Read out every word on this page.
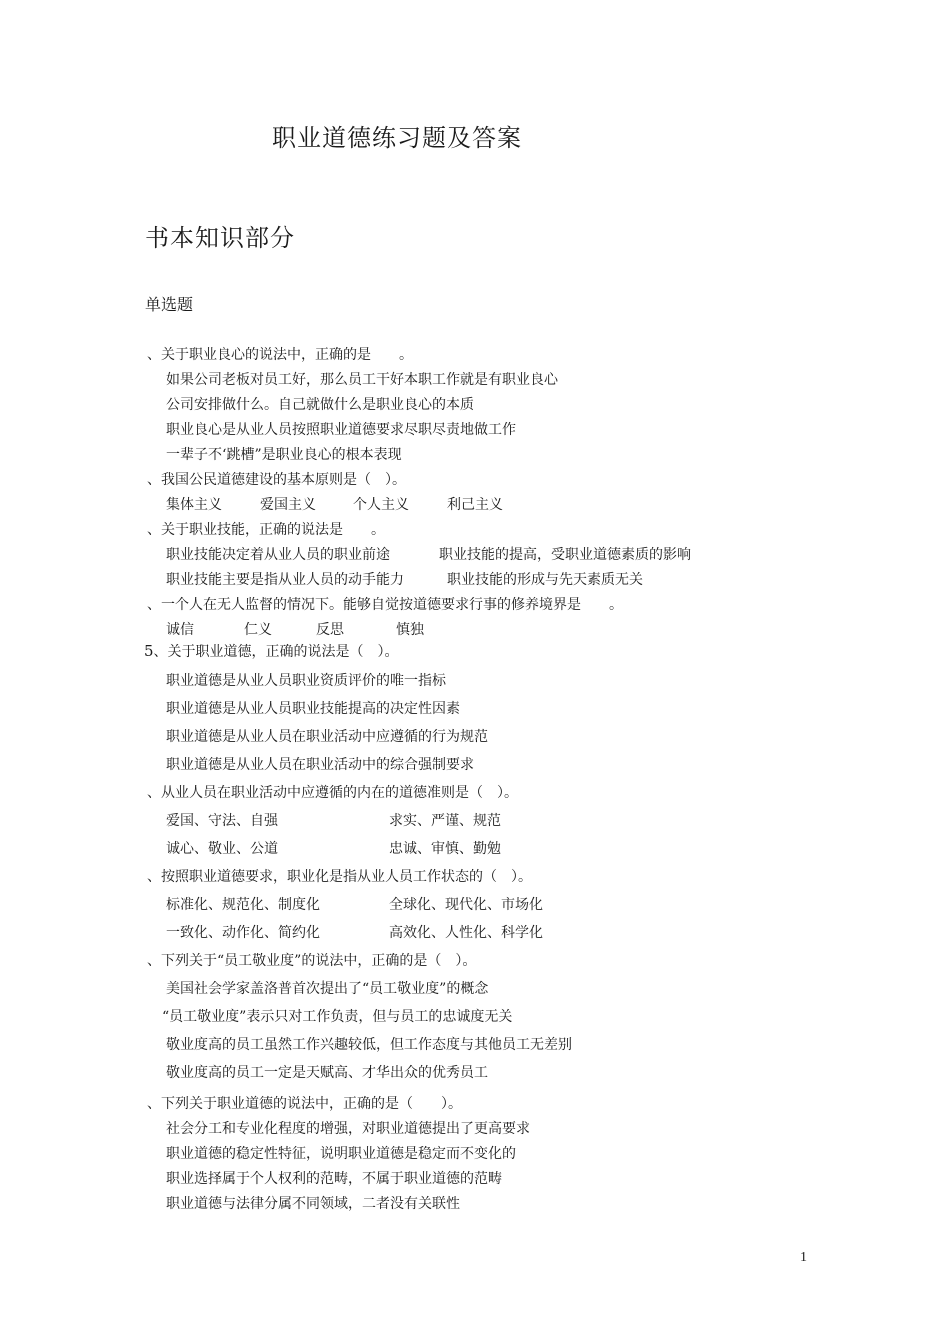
职业道德练习题及答案
书本知识部分
单选题
、关于职业良心的说法中，正确的是　　。
如果公司老板对员工好，那么员工干好本职工作就是有职业良心
公司安排做什么。自己就做什么是职业良心的本质
职业良心是从业人员按照职业道德要求尽职尽责地做工作
一辈子不‘跳槽”是职业良心的根本表现
、我国公民道德建设的基本原则是（　）。
集体主义	爱国主义	个人主义	利己主义
、关于职业技能，正确的说法是　　。
职业技能决定着从业人员的职业前途	职业技能的提高，受职业道德素质的影响
职业技能主要是指从业人员的动手能力	职业技能的形成与先天素质无关
、一个人在无人监督的情况下。能够自觉按道德要求行事的修养境界是　　。
诚信	仁义	反思	慎独
5、关于职业道德，正确的说法是（　）。
职业道德是从业人员职业资质评价的唯一指标
职业道德是从业人员职业技能提高的决定性因素
职业道德是从业人员在职业活动中应遵循的行为规范
职业道德是从业人员在职业活动中的综合强制要求
、从业人员在职业活动中应遵循的内在的道德准则是（　）。
爱国、守法、自强	求实、严谨、规范
诚心、敬业、公道	忠诚、审慎、勤勉
、按照职业道德要求，职业化是指从业人员工作状态的（　）。
标准化、规范化、制度化	全球化、现代化、市场化
一致化、动作化、简约化	高效化、人性化、科学化
、下列关于“员工敬业度”的说法中，正确的是（　）。
美国社会学家盖洛普首次提出了“员工敬业度”的概念
“员工敬业度”表示只对工作负责，但与员工的忠诚度无关
敬业度高的员工虽然工作兴趣较低，但工作态度与其他员工无差别
敬业度高的员工一定是天赋高、才华出众的优秀员工
、下列关于职业道德的说法中，正确的是（　　）。
社会分工和专业化程度的增强，对职业道德提出了更高要求
职业道德的稳定性特征，说明职业道德是稳定而不变化的
职业选择属于个人权利的范畴，不属于职业道德的范畴
职业道德与法律分属不同领域，二者没有关联性
1
